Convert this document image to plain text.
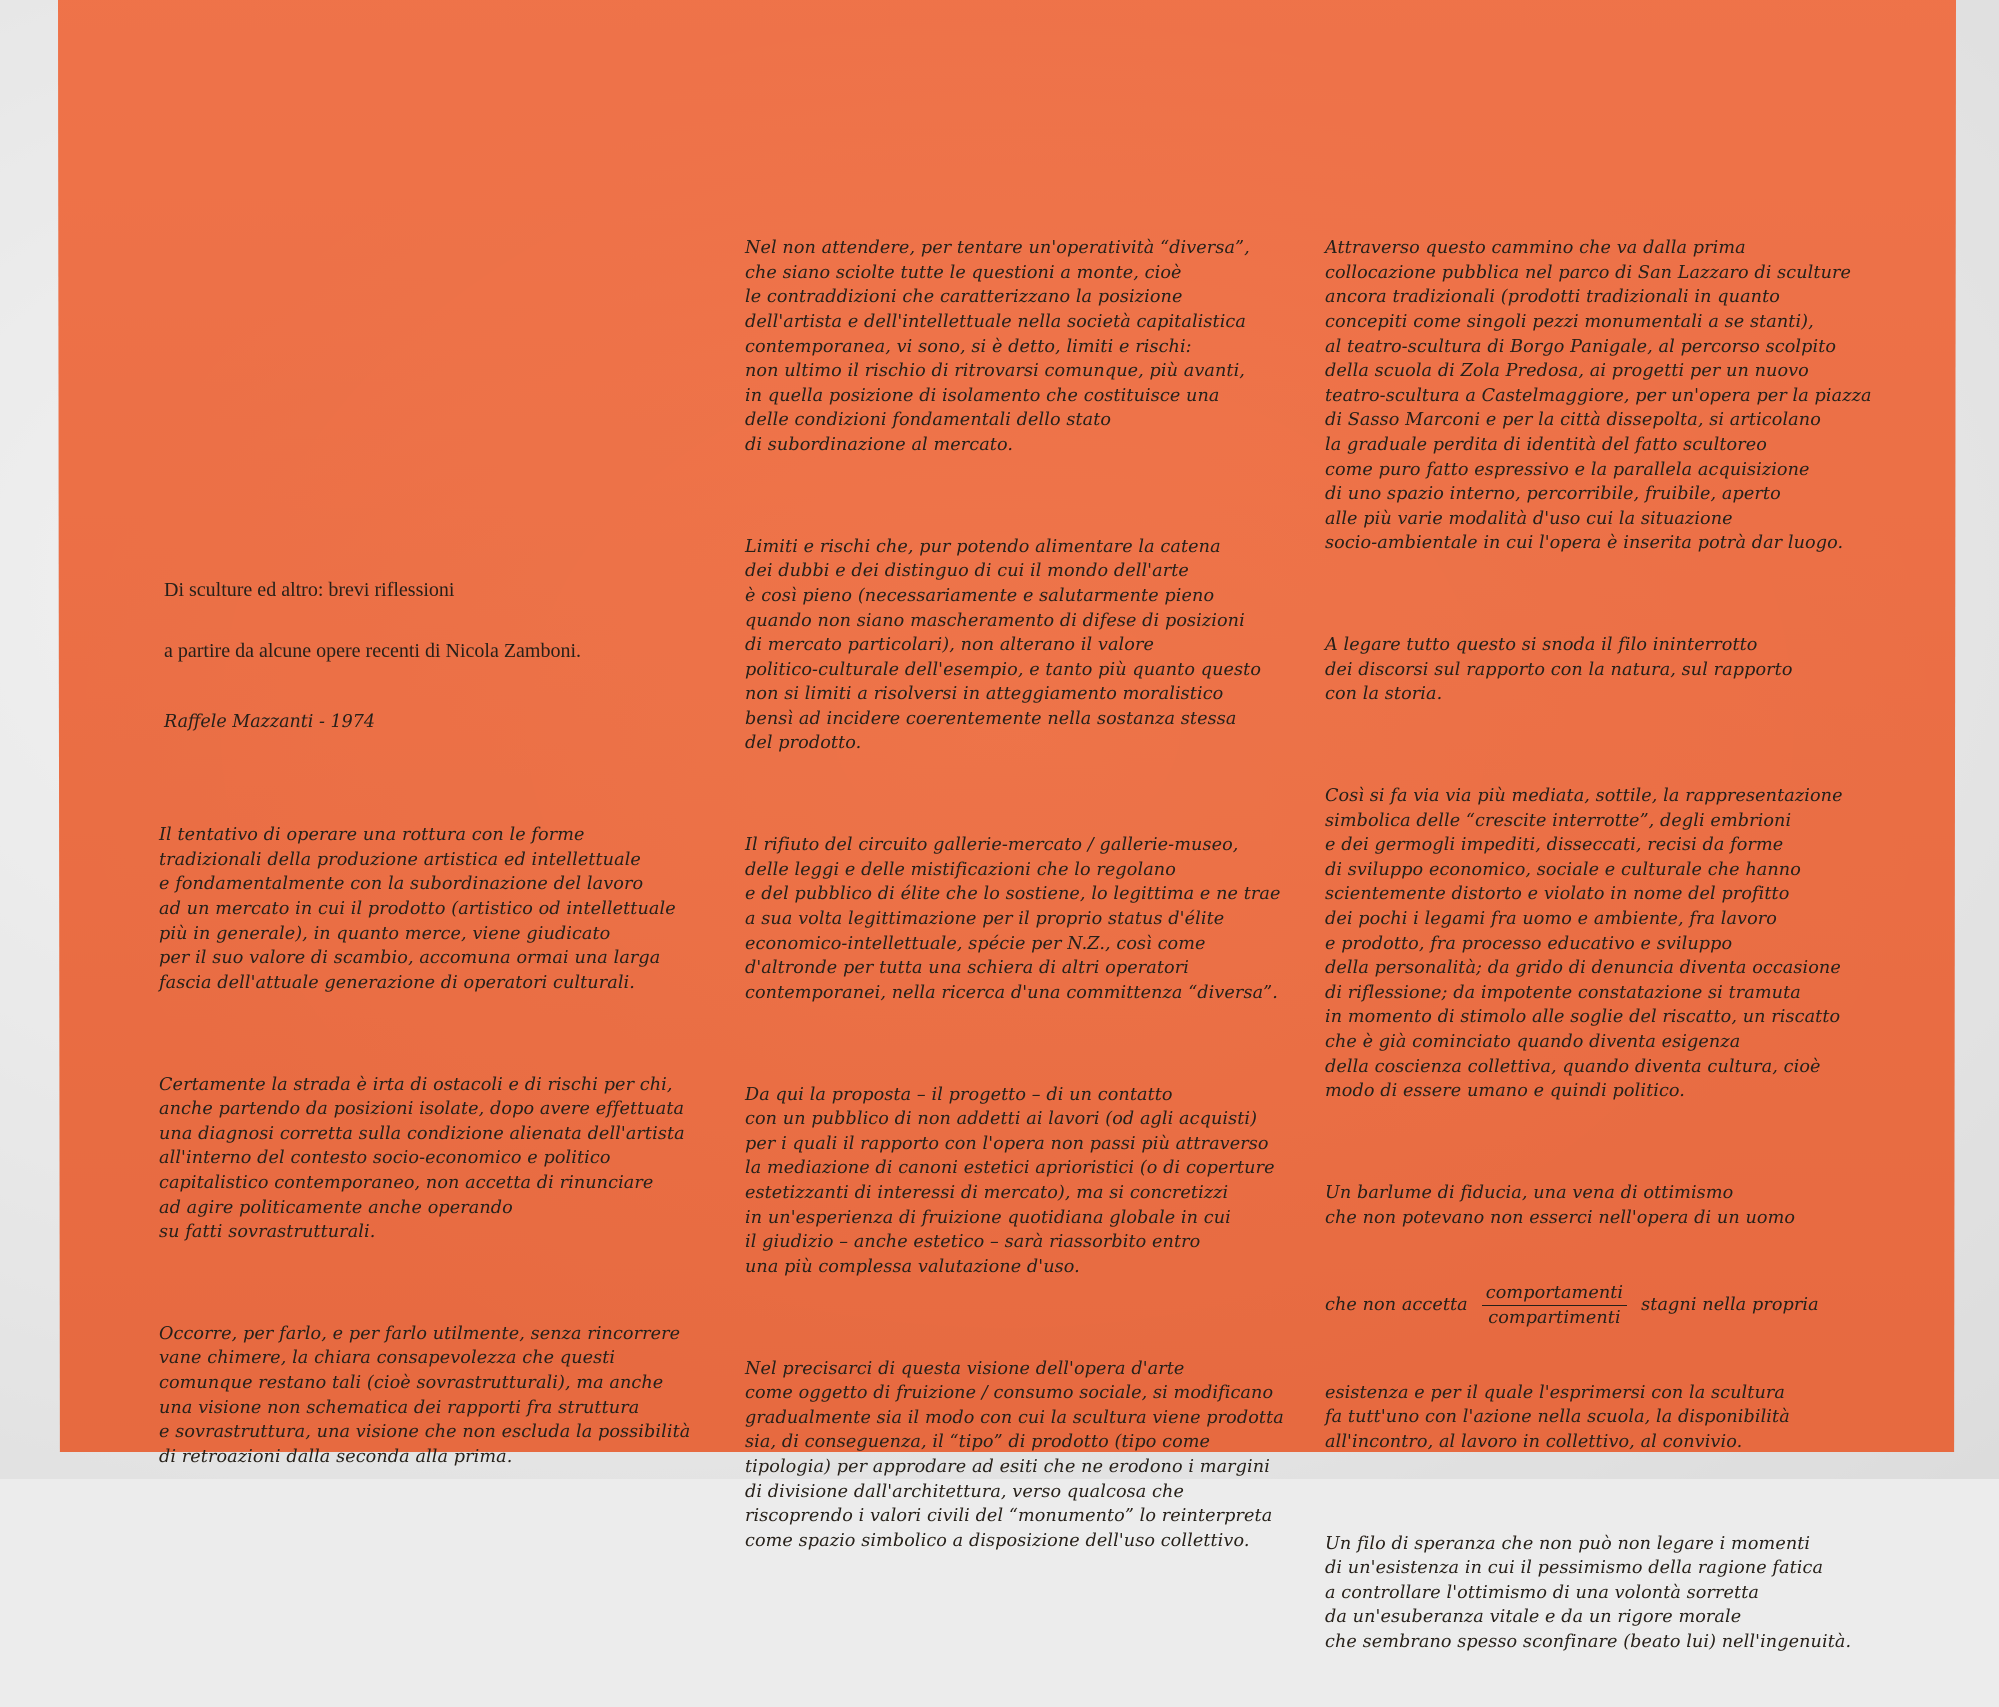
Di sculture ed altro: brevi riflessioni

a partire da alcune opere recenti di Nicola Zamboni.

Raffele Mazzanti - 1974

Il tentativo di operare una rottura con le forme
tradizionali della produzione artistica ed intellettuale
e fondamentalmente con la subordinazione del lavoro
ad un mercato in cui il prodotto (artistico od intellettuale
più in generale), in quanto merce, viene giudicato
per il suo valore di scambio, accomuna ormai una larga
fascia dell'attuale generazione di operatori culturali.

Certamente la strada è irta di ostacoli e di rischi per chi,
anche partendo da posizioni isolate, dopo avere effettuata
una diagnosi corretta sulla condizione alienata dell'artista
all'interno del contesto socio-economico e politico
capitalistico contemporaneo, non accetta di rinunciare
ad agire politicamente anche operando
su fatti sovrastrutturali.

Occorre, per farlo, e per farlo utilmente, senza rincorrere
vane chimere, la chiara consapevolezza che questi
comunque restano tali (cioè sovrastrutturali), ma anche
una visione non schematica dei rapporti fra struttura
e sovrastruttura, una visione che non escluda la possibilità
di retroazioni dalla seconda alla prima.

Nel non attendere, per tentare un'operatività “diversa”,
che siano sciolte tutte le questioni a monte, cioè
le contraddizioni che caratterizzano la posizione
dell'artista e dell'intellettuale nella società capitalistica
contemporanea, vi sono, si è detto, limiti e rischi:
non ultimo il rischio di ritrovarsi comunque, più avanti,
in quella posizione di isolamento che costituisce una
delle condizioni fondamentali dello stato
di subordinazione al mercato.

Limiti e rischi che, pur potendo alimentare la catena
dei dubbi e dei distinguo di cui il mondo dell'arte
è così pieno (necessariamente e salutarmente pieno
quando non siano mascheramento di difese di posizioni
di mercato particolari), non alterano il valore
politico-culturale dell'esempio, e tanto più quanto questo
non si limiti a risolversi in atteggiamento moralistico
bensì ad incidere coerentemente nella sostanza stessa
del prodotto.

Il rifiuto del circuito gallerie-mercato / gallerie-museo,
delle leggi e delle mistificazioni che lo regolano
e del pubblico di élite che lo sostiene, lo legittima e ne trae
a sua volta legittimazione per il proprio status d'élite
economico-intellettuale, spécie per N.Z., così come
d'altronde per tutta una schiera di altri operatori
contemporanei, nella ricerca d'una committenza “diversa”.

Da qui la proposta – il progetto – di un contatto
con un pubblico di non addetti ai lavori (od agli acquisti)
per i quali il rapporto con l'opera non passi più attraverso
la mediazione di canoni estetici aprioristici (o di coperture
estetizzanti di interessi di mercato), ma si concretizzi
in un'esperienza di fruizione quotidiana globale in cui
il giudizio – anche estetico – sarà riassorbito entro
una più complessa valutazione d'uso.

Nel precisarci di questa visione dell'opera d'arte
come oggetto di fruizione / consumo sociale, si modificano
gradualmente sia il modo con cui la scultura viene prodotta
sia, di conseguenza, il “tipo” di prodotto (tipo come
tipologia) per approdare ad esiti che ne erodono i margini
di divisione dall'architettura, verso qualcosa che
riscoprendo i valori civili del “monumento” lo reinterpreta
come spazio simbolico a disposizione dell'uso collettivo.

Attraverso questo cammino che va dalla prima
collocazione pubblica nel parco di San Lazzaro di sculture
ancora tradizionali (prodotti tradizionali in quanto
concepiti come singoli pezzi monumentali a se stanti),
al teatro-scultura di Borgo Panigale, al percorso scolpito
della scuola di Zola Predosa, ai progetti per un nuovo
teatro-scultura a Castelmaggiore, per un'opera per la piazza
di Sasso Marconi e per la città dissepolta, si articolano
la graduale perdita di identità del fatto scultoreo
come puro fatto espressivo e la parallela acquisizione
di uno spazio interno, percorribile, fruibile, aperto
alle più varie modalità d'uso cui la situazione
socio-ambientale in cui l'opera è inserita potrà dar luogo.

A legare tutto questo si snoda il filo ininterrotto
dei discorsi sul rapporto con la natura, sul rapporto
con la storia.

Così si fa via via più mediata, sottile, la rappresentazione
simbolica delle “crescite interrotte”, degli embrioni
e dei germogli impediti, disseccati, recisi da forme
di sviluppo economico, sociale e culturale che hanno
scientemente distorto e violato in nome del profitto
dei pochi i legami fra uomo e ambiente, fra lavoro
e prodotto, fra processo educativo e sviluppo
della personalità; da grido di denuncia diventa occasione
di riflessione; da impotente constatazione si tramuta
in momento di stimolo alle soglie del riscatto, un riscatto
che è già cominciato quando diventa esigenza
della coscienza collettiva, quando diventa cultura, cioè
modo di essere umano e quindi politico.

Un barlume di fiducia, una vena di ottimismo
che non potevano non esserci nell'opera di un uomo

che non accetta $\frac{\text{comportamenti}}{\text{compartimenti}}$ stagni nella propria

esistenza e per il quale l'esprimersi con la scultura
fa tutt'uno con l'azione nella scuola, la disponibilità
all'incontro, al lavoro in collettivo, al convivio.

Un filo di speranza che non può non legare i momenti
di un'esistenza in cui il pessimismo della ragione fatica
a controllare l'ottimismo di una volontà sorretta
da un'esuberanza vitale e da un rigore morale
che sembrano spesso sconfinare (beato lui) nell'ingenuità.
